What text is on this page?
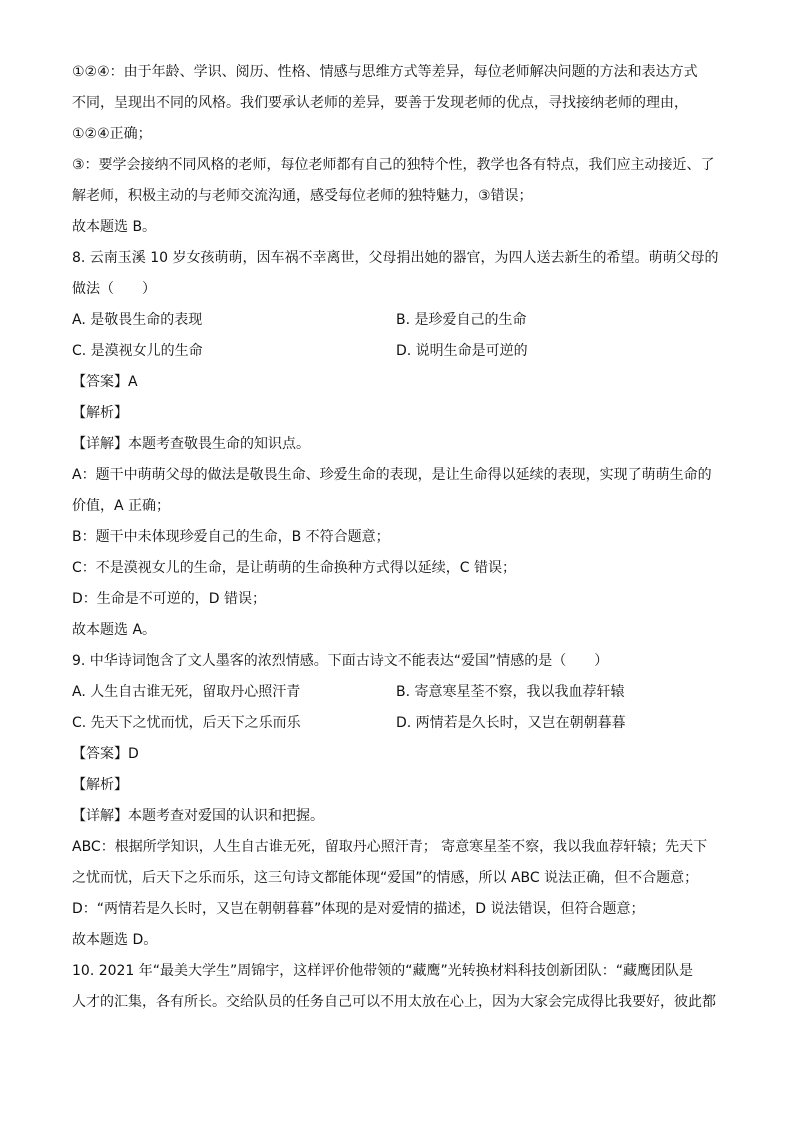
①②④：由于年龄、学识、阅历、性格、情感与思维方式等差异，每位老师解决问题的方法和表达方式
不同，呈现出不同的风格。我们要承认老师的差异，要善于发现老师的优点，寻找接纳老师的理由，
①②④正确；
③：要学会接纳不同风格的老师，每位老师都有自己的独特个性，教学也各有特点，我们应主动接近、了
解老师，积极主动的与老师交流沟通，感受每位老师的独特魅力，③错误；
故本题选 B。
8. 云南玉溪 10 岁女孩萌萌，因车祸不幸离世，父母捐出她的器官，为四人送去新生的希望。萌萌父母的
做法（　　）
A. 是敬畏生命的表现	B. 是珍爱自己的生命
C. 是漠视女儿的生命	D. 说明生命是可逆的
【答案】A
【解析】
【详解】本题考查敬畏生命的知识点。
A：题干中萌萌父母的做法是敬畏生命、珍爱生命的表现，是让生命得以延续的表现，实现了萌萌生命的
价值，A 正确；
B：题干中未体现珍爱自己的生命，B 不符合题意；
C：不是漠视女儿的生命，是让萌萌的生命换种方式得以延续，C 错误；
D：生命是不可逆的，D 错误；
故本题选 A。
9. 中华诗词饱含了文人墨客的浓烈情感。下面古诗文不能表达“爱国”情感的是（　　）
A. 人生自古谁无死，留取丹心照汗青	B. 寄意寒星荃不察，我以我血荐轩辕
C. 先天下之忧而忧，后天下之乐而乐	D. 两情若是久长时，又岂在朝朝暮暮
【答案】D
【解析】
【详解】本题考查对爱国的认识和把握。
ABC：根据所学知识，人生自古谁无死，留取丹心照汗青； 寄意寒星荃不察，我以我血荐轩辕；先天下
之忧而忧，后天下之乐而乐，这三句诗文都能体现“爱国”的情感，所以 ABC 说法正确，但不合题意；
D：“两情若是久长时，又岂在朝朝暮暮”体现的是对爱情的描述，D 说法错误，但符合题意；
故本题选 D。
10. 2021 年“最美大学生”周锦宇，这样评价他带领的“藏鹰”光转换材料科技创新团队：“藏鹰团队是
人才的汇集，各有所长。交给队员的任务自己可以不用太放在心上，因为大家会完成得比我要好，彼此都
